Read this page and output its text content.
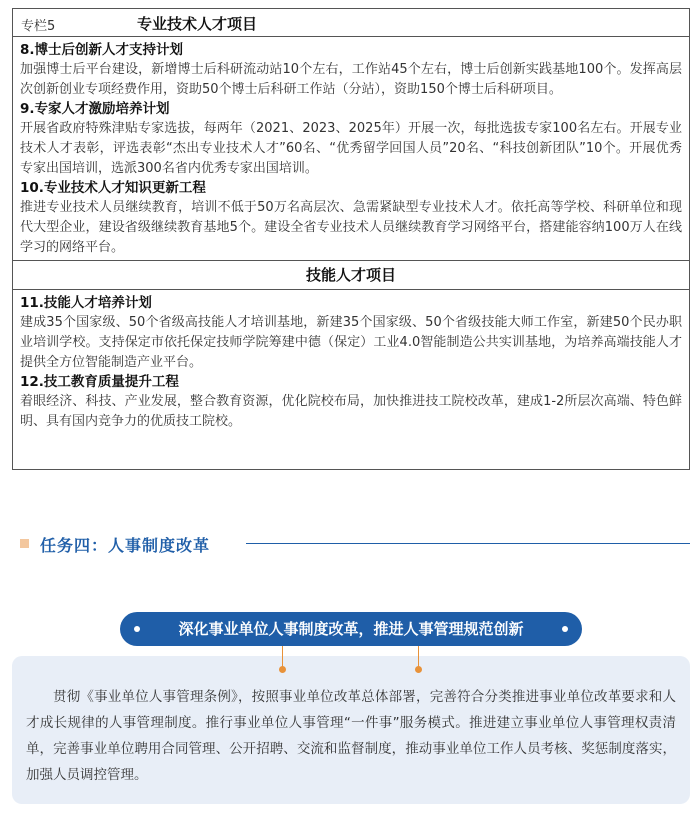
专栏5	专业技术人才项目
8.博士后创新人才支持计划
加强博士后平台建设，新增博士后科研流动站10个左右，工作站45个左右，博士后创新实践基地100个。发挥高层次创新创业专项经费作用，资助50个博士后科研工作站（分站），资助150个博士后科研项目。
9.专家人才激励培养计划
开展省政府特殊津贴专家选拔，每两年（2021、2023、2025年）开展一次，每批选拔专家100名左右。开展专业技术人才表彰，评选表彰“杰出专业技术人才”60名、“优秀留学回国人员”20名、“科技创新团队”10个。开展优秀专家出国培训，选派300名省内优秀专家出国培训。
10.专业技术人才知识更新工程
推进专业技术人员继续教育，培训不低于50万名高层次、急需紧缺型专业技术人才。依托高等学校、科研单位和现代大型企业，建设省级继续教育基地5个。建设全省专业技术人员继续教育学习网络平台，搭建能容纳100万人在线学习的网络平台。
技能人才项目
11.技能人才培养计划
建成35个国家级、50个省级高技能人才培训基地，新建35个国家级、50个省级技能大师工作室，新建50个民办职业培训学校。支持保定市依托保定技师学院筹建中德（保定）工业4.0智能制造公共实训基地，为培养高端技能人才提供全方位智能制造产业平台。
12.技工教育质量提升工程
着眼经济、科技、产业发展，整合教育资源，优化院校布局，加快推进技工院校改革，建成1-2所层次高端、特色鲜明、具有国内竞争力的优质技工院校。
任务四：人事制度改革
贯彻《事业单位人事管理条例》，按照事业单位改革总体部署，完善符合分类推进事业单位改革要求和人才成长规律的人事管理制度。推行事业单位人事管理“一件事”服务模式。推进建立事业单位人事管理权责清单，完善事业单位聘用合同管理、公开招聘、交流和监督制度，推动事业单位工作人员考核、奖惩制度落实，加强人员调控管理。
深化事业单位人事制度改革，推进人事管理规范创新
